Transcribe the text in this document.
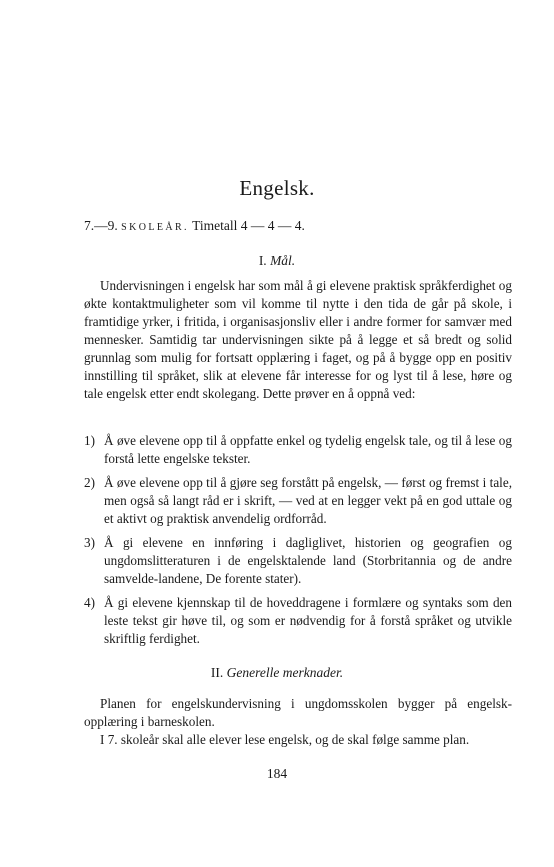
Engelsk.
7.—9. SKOLEÅR. Timetall 4 — 4 — 4.
I. Mål.

Undervisningen i engelsk har som mål å gi elevene praktisk språkferdighet og økte kontaktmuligheter som vil komme til nytte i den tida de går på skole, i framtidige yrker, i fritida, i organisasjonsliv eller i andre former for samvær med mennesker. Samtidig tar undervisningen sikte på å legge et så bredt og solid grunnlag som mulig for fortsatt opplæring i faget, og på å bygge opp en positiv innstilling til språket, slik at elevene får interesse for og lyst til å lese, høre og tale engelsk etter endt skolegang. Dette prøver en å oppnå ved:

1) Å øve elevene opp til å oppfatte enkel og tydelig engelsk tale, og til å lese og forstå lette engelske tekster.
2) Å øve elevene opp til å gjøre seg forstått på engelsk, — først og fremst i tale, men også så langt råd er i skrift, — ved at en legger vekt på en god uttale og et aktivt og praktisk anvendelig ordforråd.
3) Å gi elevene en innføring i dagliglivet, historien og geografien og ungdomslitteraturen i de engelsktalende land (Storbritannia og de andre samvelde-landene, De forente stater).
4) Å gi elevene kjennskap til de hoveddragene i formlære og syntaks som den leste tekst gir høve til, og som er nødvendig for å forstå språket og utvikle skriftlig ferdighet.
II. Generelle merknader.
Planen for engelskundervisning i ungdomsskolen bygger på engelskopplæring i barneskolen.
I 7. skoleår skal alle elever lese engelsk, og de skal følge samme plan.
184
